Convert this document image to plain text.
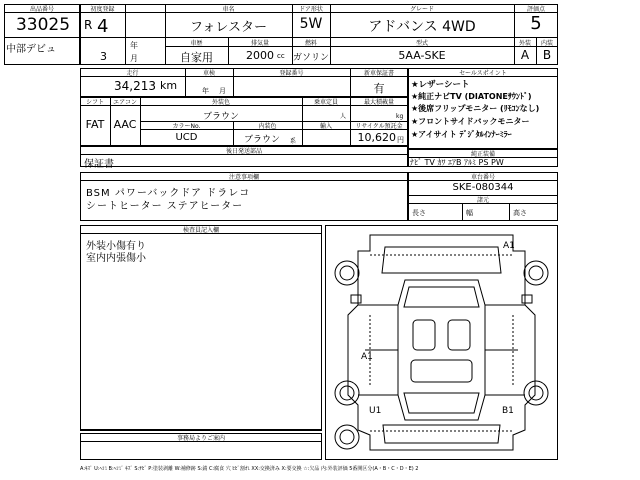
出品番号
33025
中部デビュ
初度登録
R 4
年
3	月
車名
フォレスター
ドア形状
5W
グレード
アドバンス 4WD
評価点
5
車歴
自家用
排気量
2000 cc
燃料
ガソリン
型式
5AA-SKE
外装
A
内装
B
走行
34,213 km
車検
年	月
登録番号	新車保証書
有
セールスポイント
★レザーシート
★純正ナビTV (DIATONEｻｳﾝﾄﾞ)
★後席フリップモニター (ﾘﾓｺﾝなし)
★フロントサイドバックモニター
★アイサイト ﾃﾞｼﾞﾀﾙｲﾝﾅｰﾐﾗｰ
シフト
FAT
エアコン
AAC
外装色
ブラウン
カラーNo.
UCD
内装色
ブラウン	系
乗車定員
人
輸入
最大積載量
kg
リサイクル預託金
10,620 円
後日発送部品
保証書
純正装備
ﾅﾋﾞ TV ｶﾜ ｴｱB ｱﾙﾐ PS PW
注意事項欄
BSM パワーバックドア ドラレコ
シートヒーター ステアヒーター
車台番号
SKE-080344
諸元
長さ	幅	高さ
検査員記入欄
外装小傷有り
室内内張傷小
事務局よりご案内
A1
A1
U1	B1
A:ｷｽﾞ U:ﾍｺﾐ B:ﾍｺﾐﾞ ｷｽﾞ S:ｻﾋﾞ P:塗装剥離 W:補修跡 S:錆 C:腐食 穴 ﾋﾋﾞ割れ XX:交換済み X:要交換 ☆:欠品 内:外装評価 5番開区分(A・B・C・D・E) 2
